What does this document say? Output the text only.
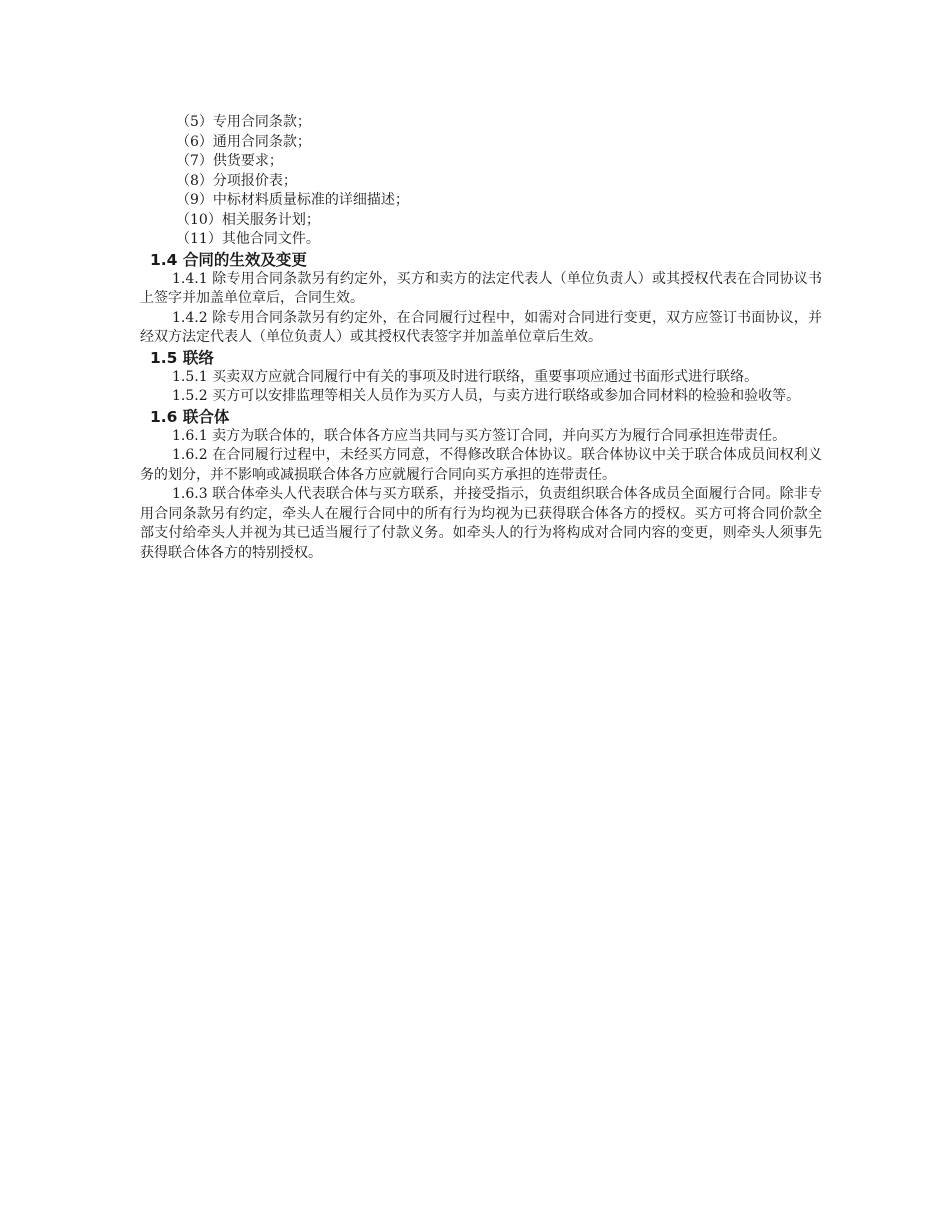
（5）专用合同条款；
（6）通用合同条款；
（7）供货要求；
（8）分项报价表；
（9）中标材料质量标准的详细描述；
（10）相关服务计划；
（11）其他合同文件。
1.4 合同的生效及变更

1.4.1 除专用合同条款另有约定外，买方和卖方的法定代表人（单位负责人）或其授权代表在合同协议书上签字并加盖单位章后，合同生效。

1.4.2 除专用合同条款另有约定外，在合同履行过程中，如需对合同进行变更，双方应签订书面协议，并经双方法定代表人（单位负责人）或其授权代表签字并加盖单位章后生效。

1.5 联络

1.5.1 买卖双方应就合同履行中有关的事项及时进行联络，重要事项应通过书面形式进行联络。

1.5.2 买方可以安排监理等相关人员作为买方人员，与卖方进行联络或参加合同材料的检验和验收等。

1.6 联合体

1.6.1 卖方为联合体的，联合体各方应当共同与买方签订合同，并向买方为履行合同承担连带责任。

1.6.2 在合同履行过程中，未经买方同意，不得修改联合体协议。联合体协议中关于联合体成员间权利义务的划分，并不影响或减损联合体各方应就履行合同向买方承担的连带责任。

1.6.3 联合体牵头人代表联合体与买方联系，并接受指示，负责组织联合体各成员全面履行合同。除非专用合同条款另有约定，牵头人在履行合同中的所有行为均视为已获得联合体各方的授权。买方可将合同价款全部支付给牵头人并视为其已适当履行了付款义务。如牵头人的行为将构成对合同内容的变更，则牵头人须事先获得联合体各方的特别授权。
